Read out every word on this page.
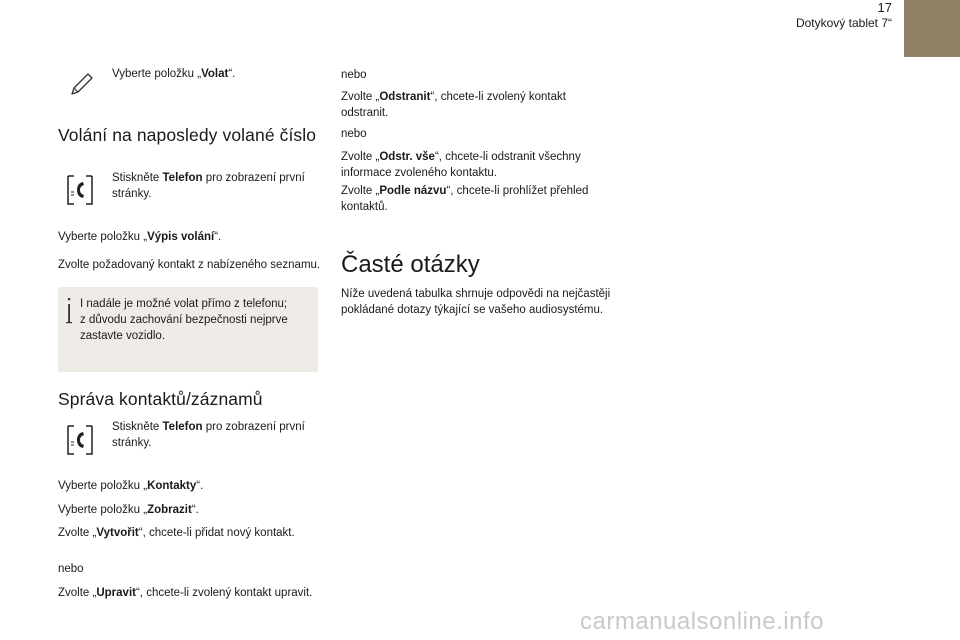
17
Dotykový tablet 7“

Vyberte položku „Volat“.

Volání na naposledy volané číslo

Stiskněte Telefon pro zobrazení první
stránky.

Vyberte položku „Výpis volání“.

Zvolte požadovaný kontakt z nabízeného seznamu.

I nadále je možné volat přímo z telefonu;
z důvodu zachování bezpečnosti nejprve
zastavte vozidlo.

Správa kontaktů/záznamů

Stiskněte Telefon pro zobrazení první
stránky.

Vyberte položku „Kontakty“.

Vyberte položku „Zobrazit“.

Zvolte „Vytvořit“, chcete-li přidat nový kontakt.

nebo

Zvolte „Upravit“, chcete-li zvolený kontakt upravit.

nebo

Zvolte „Odstranit“, chcete-li zvolený kontakt
odstranit.

nebo

Zvolte „Odstr. vše“, chcete-li odstranit všechny
informace zvoleného kontaktu.

Zvolte „Podle názvu“, chcete-li prohlížet přehled
kontaktů.

Časté otázky

Níže uvedená tabulka shrnuje odpovědi na nejčastěji
pokládané dotazy týkající se vašeho audiosystému.

carmanualsonline.info
